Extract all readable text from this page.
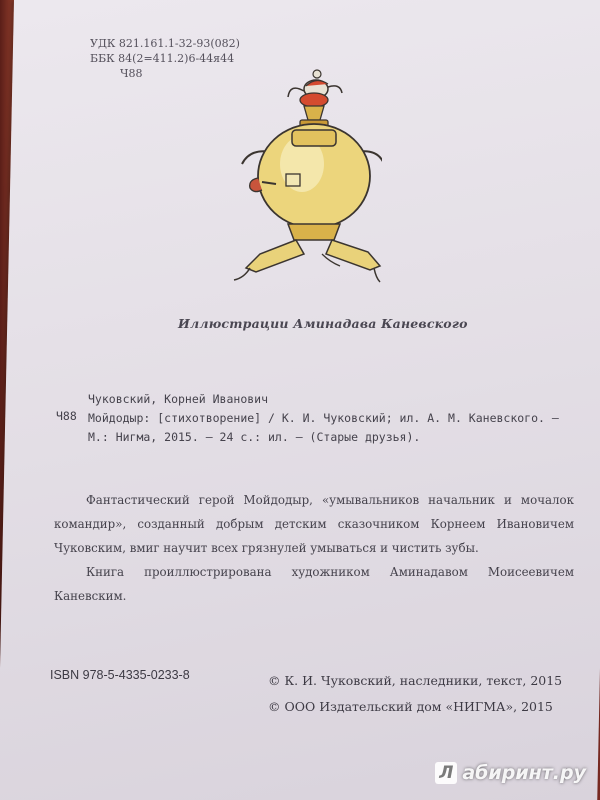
УДК 821.161.1-32-93(082)
ББК 84(2=411.2)6-44я44
Ч88
Иллюстрации Аминадава Каневского
Ч88
Чуковский, Корней Иванович
Мойдодыр: [стихотворение] / К. И. Чуковский; ил. А. М. Каневского. —
М.: Нигма, 2015. — 24 с.: ил. — (Старые друзья).

Фантастический герой Мойдодыр, «умывальников начальник и мочалок командир», созданный добрым детским сказочником Корнеем Ивановичем Чуковским, вмиг научит всех грязнулей умываться и чистить зубы.

Книга проиллюстрирована художником Аминадавом Моисеевичем Каневским.

ISBN 978-5-4335-0233-8	© К. И. Чуковский, наследники, текст, 2015
© ООО Издательский дом «НИГМА», 2015
Л абиринт.ру
